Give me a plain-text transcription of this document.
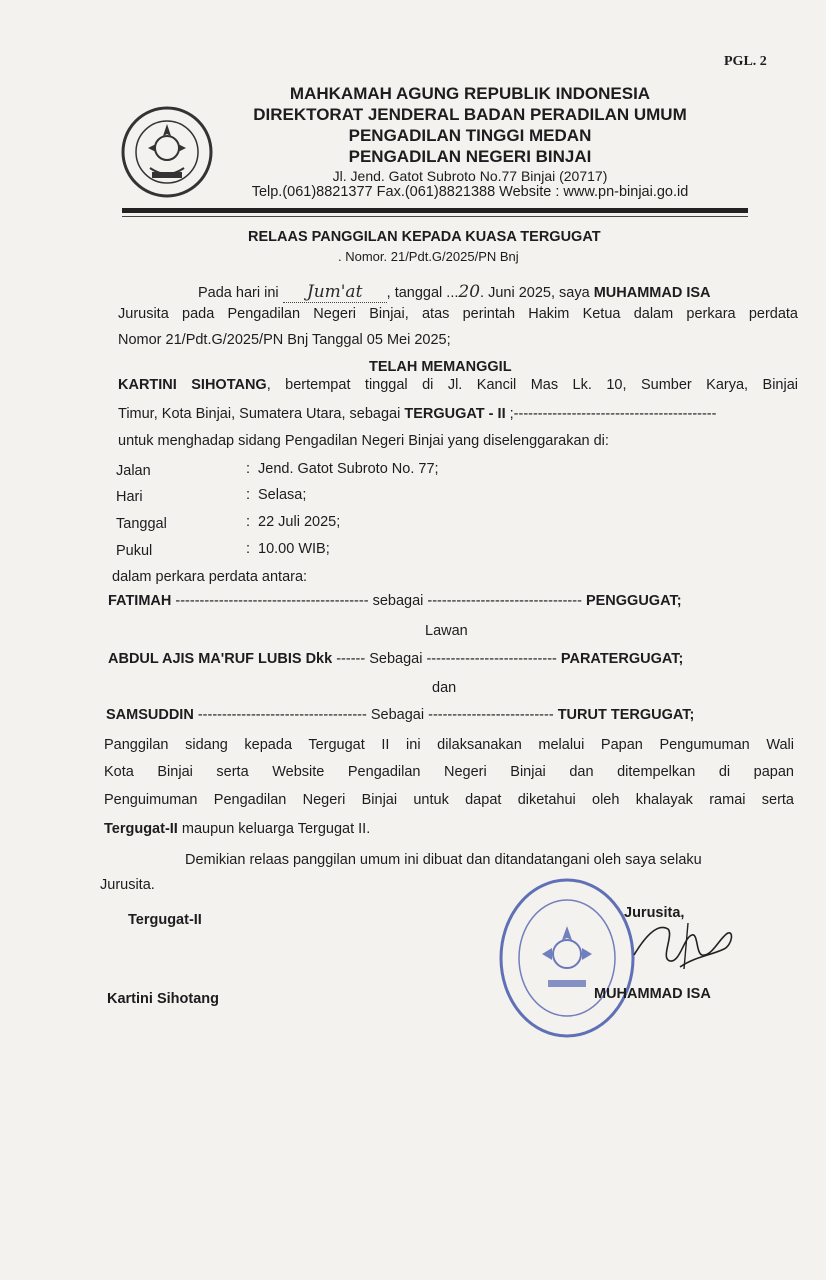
PGL. 2
MAHKAMAH AGUNG REPUBLIK INDONESIA
DIREKTORAT JENDERAL BADAN PERADILAN UMUM
PENGADILAN TINGGI MEDAN
PENGADILAN NEGERI BINJAI
Jl. Jend. Gatot Subroto No.77 Binjai (20717)
Telp.(061)8821377 Fax.(061)8821388 Website : www.pn-binjai.go.id
RELAAS PANGGILAN KEPADA KUASA TERGUGAT
. Nomor. 21/Pdt.G/2025/PN Bnj
Pada hari ini Jum'at , tanggal ...20. Juni 2025, saya MUHAMMAD ISA
Jurusita pada Pengadilan Negeri Binjai, atas perintah Hakim Ketua dalam perkara perdata
Nomor 21/Pdt.G/2025/PN Bnj Tanggal 05 Mei 2025;
TELAH MEMANGGIL
KARTINI SIHOTANG, bertempat tinggal di Jl. Kancil Mas Lk. 10, Sumber Karya, Binjai
Timur, Kota Binjai, Sumatera Utara, sebagai TERGUGAT - II ;------------------------------------------
untuk menghadap sidang Pengadilan Negeri Binjai yang diselenggarakan di:
Jalan	: Jend. Gatot Subroto No. 77;
Hari	: Selasa;
Tanggal	: 22 Juli 2025;
Pukul	: 10.00 WIB;
dalam perkara perdata antara:
FATIMAH ---------------------------------------- sebagai -------------------------------- PENGGUGAT;
Lawan
ABDUL AJIS MA'RUF LUBIS Dkk ------ Sebagai --------------------------- PARATERGUGAT;
dan
SAMSUDDIN ----------------------------------- Sebagai -------------------------- TURUT TERGUGAT;
Panggilan sidang kepada Tergugat II ini dilaksanakan melalui Papan Pengumuman Wali
Kota Binjai serta Website Pengadilan Negeri Binjai dan ditempelkan di papan
Penguimuman Pengadilan Negeri Binjai untuk dapat diketahui oleh khalayak ramai serta
Tergugat-II maupun keluarga Tergugat II.
Demikian relaas panggilan umum ini dibuat dan ditandatangani oleh saya selaku
Jurusita.
Tergugat-II
Kartini Sihotang
Jurusita,
MUHAMMAD ISA
